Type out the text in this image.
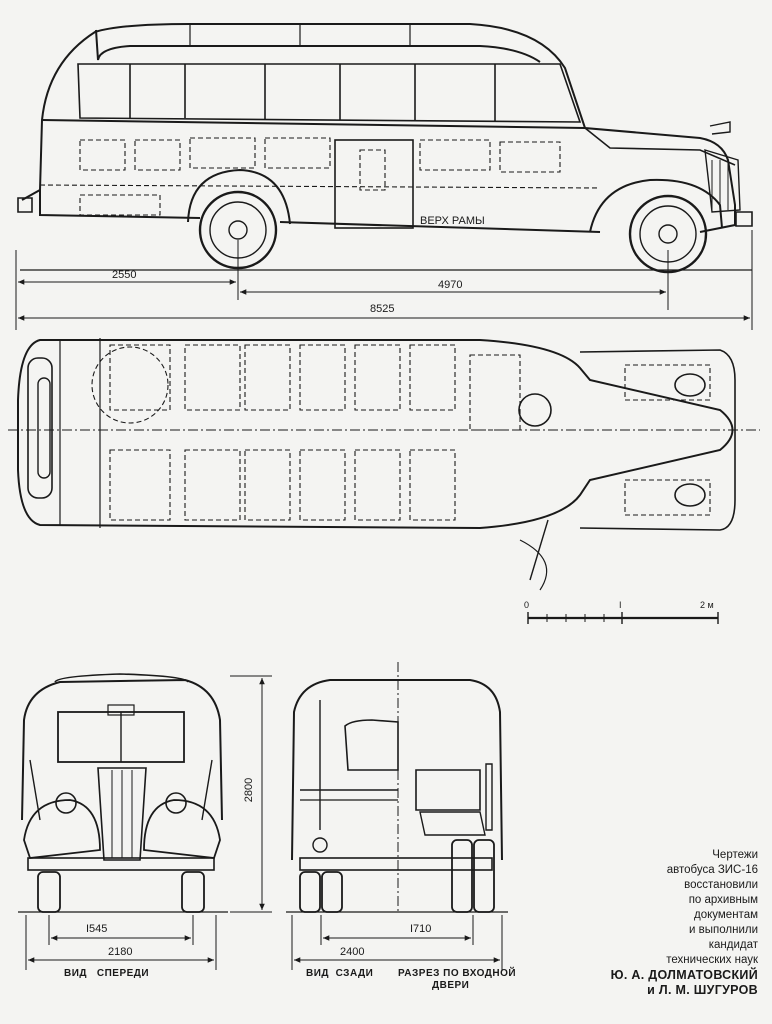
ВЕРХ РАМЫ
2550
4970
8525
0	I	2 м
2800
I545
2180
ВИД   СПЕРЕДИ
I710
2400
ВИД  СЗАДИ РАЗРЕЗ ПО ВХОДНОЙ
ДВЕРИ
Чертежи
автобуса ЗИС-16
восстановили
по архивным
документам
и выполнили
кандидат
технических наук
Ю. А. ДОЛМАТОВСКИЙ
и Л. М. ШУГУРОВ
